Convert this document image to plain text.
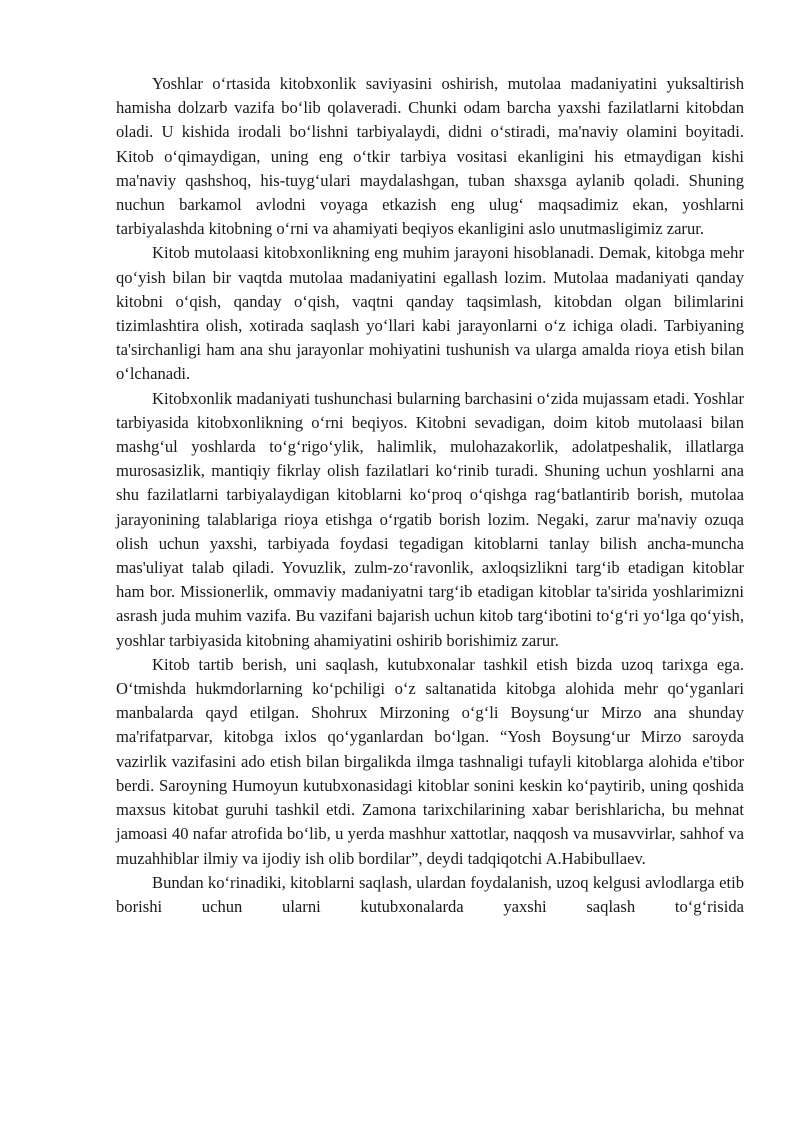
Yoshlar o‘rtasida kitobxonlik saviyasini oshirish, mutolaa madaniyatini yuksaltirish hamisha dolzarb vazifa bo‘lib qolaveradi. Chunki odam barcha yaxshi fazilatlarni kitobdan oladi. U kishida irodali bo‘lishni tarbiyalaydi, didni o‘stiradi, ma'naviy olamini boyitadi. Kitob o‘qimaydigan, uning eng o‘tkir tarbiya vositasi ekanligini his etmaydigan kishi ma'naviy qashshoq, his-tuyg‘ulari maydalashgan, tuban shaxsga aylanib qoladi. Shuning nuchun barkamol avlodni voyaga etkazish eng ulug‘ maqsadimiz ekan, yoshlarni tarbiyalashda kitobning o‘rni va ahamiyati beqiyos ekanligini aslo unutmasligimiz zarur.

Kitob mutolaasi kitobxonlikning eng muhim jarayoni hisoblanadi. Demak, kitobga mehr qo‘yish bilan bir vaqtda mutolaa madaniyatini egallash lozim. Mutolaa madaniyati qanday kitobni o‘qish, qanday o‘qish, vaqtni qanday taqsimlash, kitobdan olgan bilimlarini tizimlashtira olish, xotirada saqlash yo‘llari kabi jarayonlarni o‘z ichiga oladi. Tarbiyaning ta'sirchanligi ham ana shu jarayonlar mohiyatini tushunish va ularga amalda rioya etish bilan o‘lchanadi.

Kitobxonlik madaniyati tushunchasi bularning barchasini o‘zida mujassam etadi. Yoshlar tarbiyasida kitobxonlikning o‘rni beqiyos. Kitobni sevadigan, doim kitob mutolaasi bilan mashg‘ul yoshlarda to‘g‘rigo‘ylik, halimlik, mulohazakorlik, adolatpeshalik, illatlarga murosasizlik, mantiqiy fikrlay olish fazilatlari ko‘rinib turadi. Shuning uchun yoshlarni ana shu fazilatlarni tarbiyalaydigan kitoblarni ko‘proq o‘qishga rag‘batlantirib borish, mutolaa jarayonining talablariga rioya etishga o‘rgatib borish lozim. Negaki, zarur ma'naviy ozuqa olish uchun yaxshi, tarbiyada foydasi tegadigan kitoblarni tanlay bilish ancha-muncha mas'uliyat talab qiladi. Yovuzlik, zulm-zo‘ravonlik, axloqsizlikni targ‘ib etadigan kitoblar ham bor. Missionerlik, ommaviy madaniyatni targ‘ib etadigan kitoblar ta'sirida yoshlarimizni asrash juda muhim vazifa. Bu vazifani bajarish uchun kitob targ‘ibotini to‘g‘ri yo‘lga qo‘yish, yoshlar tarbiyasida kitobning ahamiyatini oshirib borishimiz zarur.

Kitob tartib berish, uni saqlash, kutubxonalar tashkil etish bizda uzoq tarixga ega. O‘tmishda hukmdorlarning ko‘pchiligi o‘z saltanatida kitobga alohida mehr qo‘yganlari manbalarda qayd etilgan. Shohrux Mirzoning o‘g‘li Boysung‘ur Mirzo ana shunday ma'rifatparvar, kitobga ixlos qo‘yganlardan bo‘lgan. “Yosh Boysung‘ur Mirzo saroyda vazirlik vazifasini ado etish bilan birgalikda ilmga tashnaligi tufayli kitoblarga alohida e'tibor berdi. Saroyning Humoyun kutubxonasidagi kitoblar sonini keskin ko‘paytirib, uning qoshida maxsus kitobat guruhi tashkil etdi. Zamona tarixchilarining xabar berishlaricha, bu mehnat jamoasi 40 nafar atrofida bo‘lib, u yerda mashhur xattotlar, naqqosh va musavvirlar, sahhof va muzahhiblar ilmiy va ijodiy ish olib bordilar”, deydi tadqiqotchi A.Habibullaev.

Bundan ko‘rinadiki, kitoblarni saqlash, ulardan foydalanish, uzoq kelgusi avlodlarga etib borishi uchun ularni kutubxonalarda yaxshi saqlash to‘g‘risida
